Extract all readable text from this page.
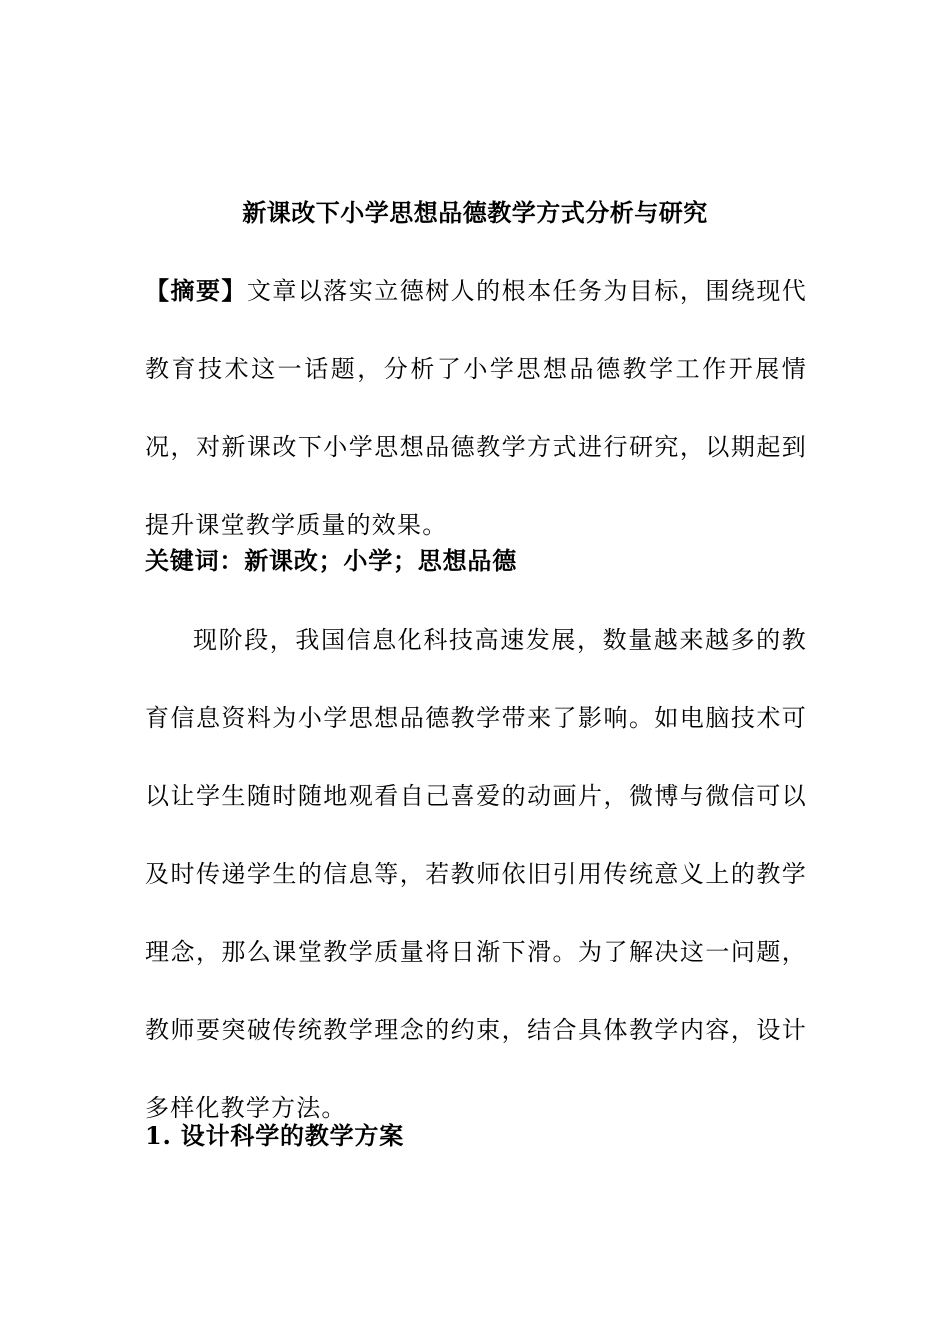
新课改下小学思想品德教学方式分析与研究
【摘要】文章以落实立德树人的根本任务为目标，围绕现代教育技术这一话题，分析了小学思想品德教学工作开展情况，对新课改下小学思想品德教学方式进行研究，以期起到提升课堂教学质量的效果。
关键词：新课改；小学；思想品德
现阶段，我国信息化科技高速发展，数量越来越多的教育信息资料为小学思想品德教学带来了影响。如电脑技术可以让学生随时随地观看自己喜爱的动画片，微博与微信可以及时传递学生的信息等，若教师依旧引用传统意义上的教学理念，那么课堂教学质量将日渐下滑。为了解决这一问题，教师要突破传统教学理念的约束，结合具体教学内容，设计多样化教学方法。
1. 设计科学的教学方案
